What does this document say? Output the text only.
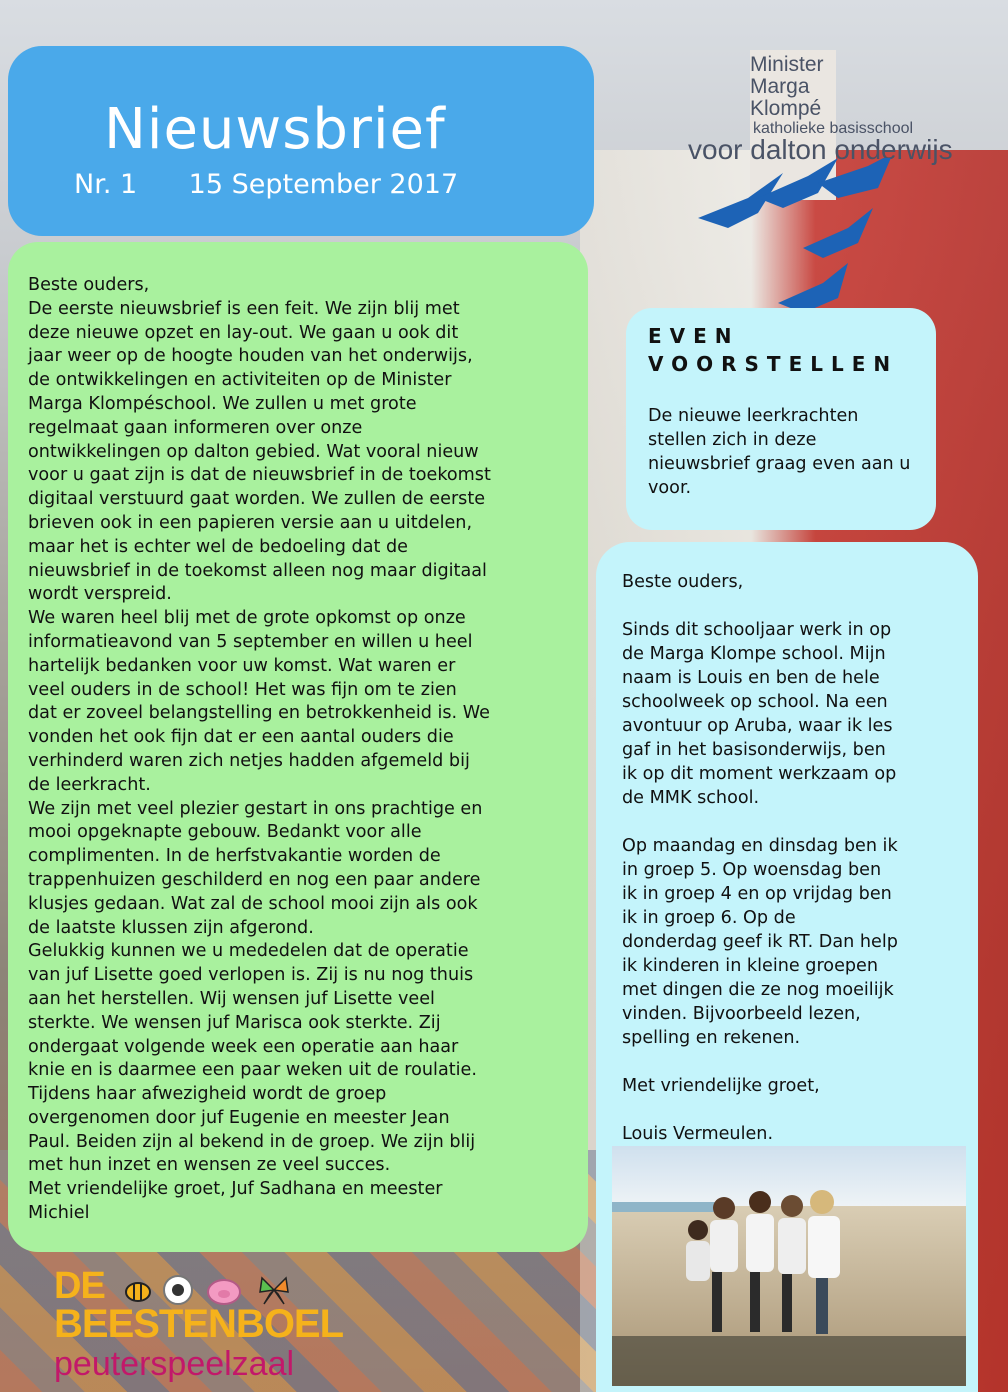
Nieuwsbrief
Nr. 1      15 September 2017
Minister
Marga
Klompé
katholieke basisschool
voor dalton onderwijs
Beste ouders,
De eerste nieuwsbrief is een feit. We zijn blij met
deze nieuwe opzet en lay-out. We gaan u ook dit
jaar weer op de hoogte houden van het onderwijs,
de ontwikkelingen en activiteiten op de Minister
Marga Klompéschool. We zullen u met grote
regelmaat gaan informeren over onze
ontwikkelingen op dalton gebied. Wat vooral nieuw
voor u gaat zijn is dat de nieuwsbrief in de toekomst
digitaal verstuurd gaat worden. We zullen de eerste
brieven ook in een papieren versie aan u uitdelen,
maar het is echter wel de bedoeling dat de
nieuwsbrief in de toekomst alleen nog maar digitaal
wordt verspreid.
We waren heel blij met de grote opkomst op onze
informatieavond van 5 september en willen u heel
hartelijk bedanken voor uw komst. Wat waren er
veel ouders in de school! Het was fijn om te zien
dat er zoveel belangstelling en betrokkenheid is. We
vonden het ook fijn dat er een aantal ouders die
verhinderd waren zich netjes hadden afgemeld bij
de leerkracht.
We zijn met veel plezier gestart in ons prachtige en
mooi opgeknapte gebouw. Bedankt voor alle
complimenten. In de herfstvakantie worden de
trappenhuizen geschilderd en nog een paar andere
klusjes gedaan. Wat zal de school mooi zijn als ook
de laatste klussen zijn afgerond.
Gelukkig kunnen we u mededelen dat de operatie
van juf Lisette goed verlopen is. Zij is nu nog thuis
aan het herstellen. Wij wensen juf Lisette veel
sterkte. We wensen juf Marisca ook sterkte. Zij
ondergaat volgende week een operatie aan haar
knie en is daarmee een paar weken uit de roulatie.
Tijdens haar afwezigheid wordt de groep
overgenomen door juf Eugenie en meester Jean
Paul. Beiden zijn al bekend in de groep. We zijn blij
met hun inzet en wensen ze veel succes.
Met vriendelijke groet, Juf Sadhana en meester
Michiel
EVEN VOORSTELLEN
De nieuwe leerkrachten stellen zich in deze nieuwsbrief graag even aan u voor.
Beste ouders,

Sinds dit schooljaar werk in op
de Marga Klompe school. Mijn
naam is Louis en ben de hele
schoolweek op school. Na een
avontuur op Aruba, waar ik les
gaf in het basisonderwijs, ben
ik op dit moment werkzaam op
de MMK school.

Op maandag en dinsdag ben ik
in groep 5. Op woensdag ben
ik in groep 4 en op vrijdag ben
ik in groep 6. Op de
donderdag geef ik RT. Dan help
ik kinderen in kleine groepen
met dingen die ze nog moeilijk
vinden. Bijvoorbeeld lezen,
spelling en rekenen.

Met vriendelijke groet,

Louis Vermeulen.
DE
BEESTENBOEL
peuterspeelzaal
